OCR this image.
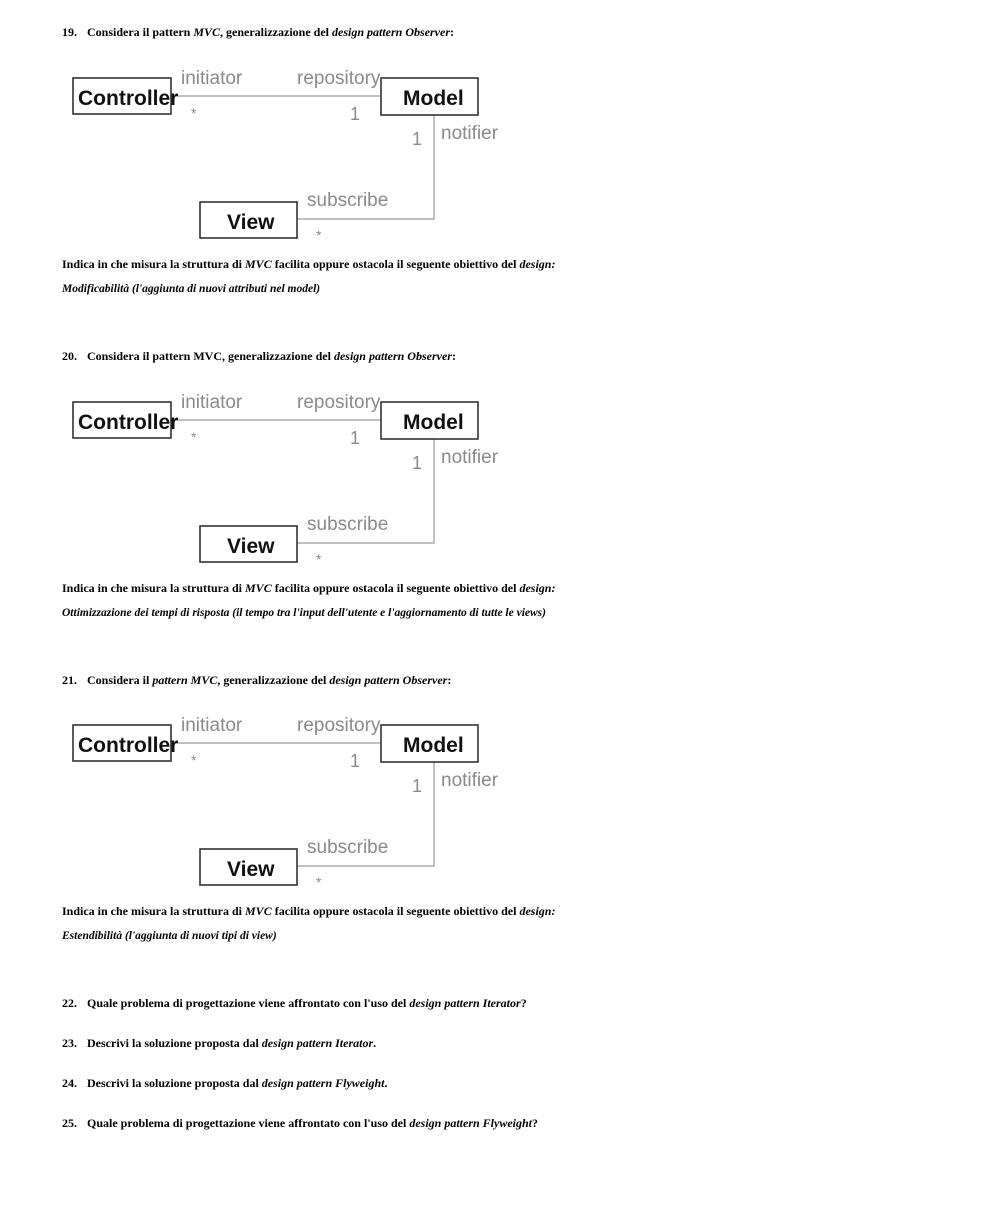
19. Considera il pattern MVC, generalizzazione del design pattern Observer:
Controller	Model
View
initiator	repository
notifier
subscribe
*	1
1
*
Indica in che misura la struttura di MVC facilita oppure ostacola il seguente obiettivo del design:
Modificabilità (l'aggiunta di nuovi attributi nel model)
20. Considera il pattern MVC, generalizzazione del design pattern Observer:
Controller	Model
View
initiator	repository
notifier
subscribe
*	1
1
*
Indica in che misura la struttura di MVC facilita oppure ostacola il seguente obiettivo del design:
Ottimizzazione dei tempi di risposta (il tempo tra l'input dell'utente e l'aggiornamento di tutte le views)
21. Considera il pattern MVC, generalizzazione del design pattern Observer:
Controller	Model
View
initiator	repository
notifier
subscribe
*	1
1
*
Indica in che misura la struttura di MVC facilita oppure ostacola il seguente obiettivo del design:
Estendibilità (l'aggiunta di nuovi tipi di view)
22. Quale problema di progettazione viene affrontato con l'uso del design pattern Iterator?
23. Descrivi la soluzione proposta dal design pattern Iterator.
24. Descrivi la soluzione proposta dal design pattern Flyweight.
25. Quale problema di progettazione viene affrontato con l'uso del design pattern Flyweight?
